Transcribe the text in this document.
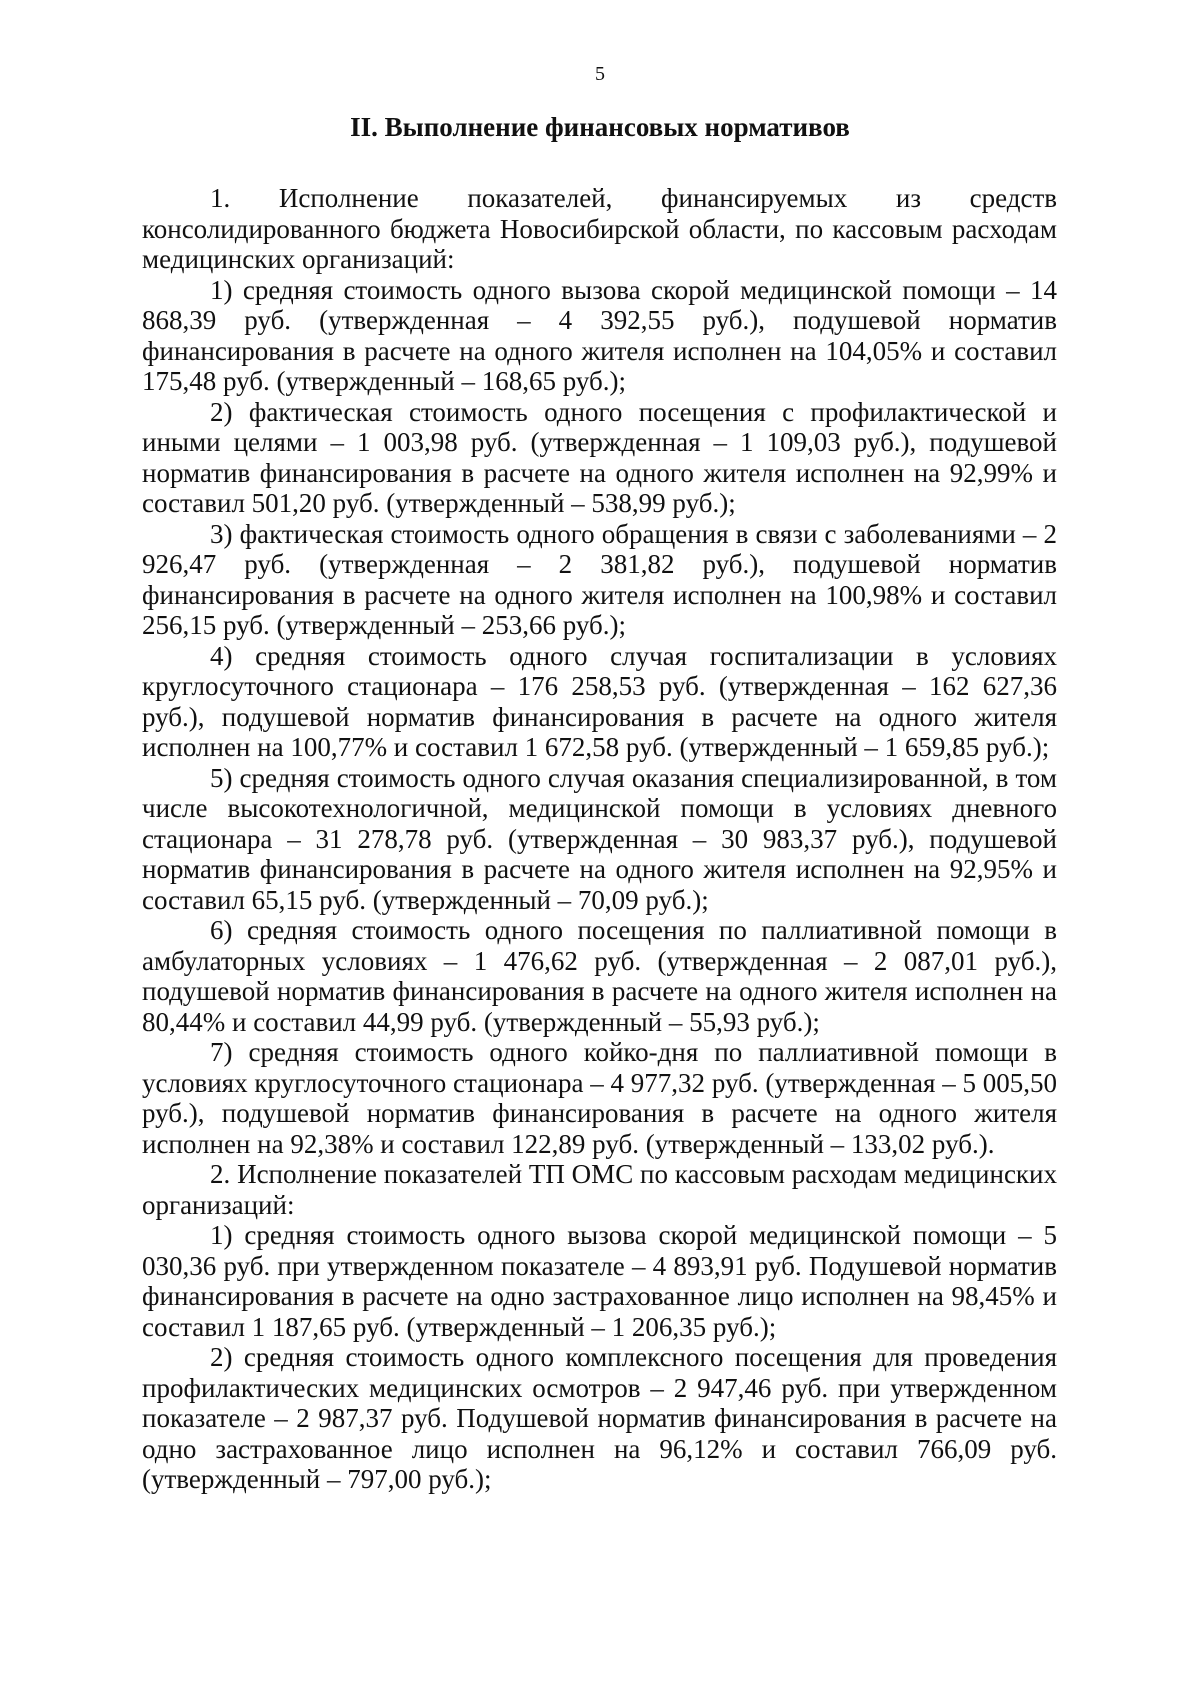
5
II. Выполнение финансовых нормативов

1. Исполнение показателей, финансируемых из средств консолидированного бюджета Новосибирской области, по кассовым расходам медицинских организаций:

1) средняя стоимость одного вызова скорой медицинской помощи – 14 868,39 руб. (утвержденная – 4 392,55 руб.), подушевой норматив финансирования в расчете на одного жителя исполнен на 104,05% и составил 175,48 руб. (утвержденный – 168,65 руб.);

2) фактическая стоимость одного посещения с профилактической и иными целями – 1 003,98 руб. (утвержденная – 1 109,03 руб.), подушевой норматив финансирования в расчете на одного жителя исполнен на 92,99% и составил 501,20 руб. (утвержденный – 538,99 руб.);

3) фактическая стоимость одного обращения в связи с заболеваниями – 2 926,47 руб. (утвержденная – 2 381,82 руб.), подушевой норматив финансирования в расчете на одного жителя исполнен на 100,98% и составил 256,15 руб. (утвержденный – 253,66 руб.);

4) средняя стоимость одного случая госпитализации в условиях круглосуточного стационара – 176 258,53 руб. (утвержденная – 162 627,36 руб.), подушевой норматив финансирования в расчете на одного жителя исполнен на 100,77% и составил 1 672,58 руб. (утвержденный – 1 659,85 руб.);

5) средняя стоимость одного случая оказания специализированной, в том числе высокотехнологичной, медицинской помощи в условиях дневного стационара – 31 278,78 руб. (утвержденная – 30 983,37 руб.), подушевой норматив финансирования в расчете на одного жителя исполнен на 92,95% и составил 65,15 руб. (утвержденный – 70,09 руб.);

6) средняя стоимость одного посещения по паллиативной помощи в амбулаторных условиях – 1 476,62 руб. (утвержденная – 2 087,01 руб.), подушевой норматив финансирования в расчете на одного жителя исполнен на 80,44% и составил 44,99 руб. (утвержденный – 55,93 руб.);

7) средняя стоимость одного койко-дня по паллиативной помощи в условиях круглосуточного стационара – 4 977,32 руб. (утвержденная – 5 005,50 руб.), подушевой норматив финансирования в расчете на одного жителя исполнен на 92,38% и составил 122,89 руб. (утвержденный – 133,02 руб.).

2. Исполнение показателей ТП ОМС по кассовым расходам медицинских организаций:

1) средняя стоимость одного вызова скорой медицинской помощи – 5 030,36 руб. при утвержденном показателе – 4 893,91 руб. Подушевой норматив финансирования в расчете на одно застрахованное лицо исполнен на 98,45% и составил 1 187,65 руб. (утвержденный – 1 206,35 руб.);

2) средняя стоимость одного комплексного посещения для проведения профилактических медицинских осмотров – 2 947,46 руб. при утвержденном показателе – 2 987,37 руб. Подушевой норматив финансирования в расчете на одно застрахованное лицо исполнен на 96,12% и составил 766,09 руб. (утвержденный – 797,00 руб.);
